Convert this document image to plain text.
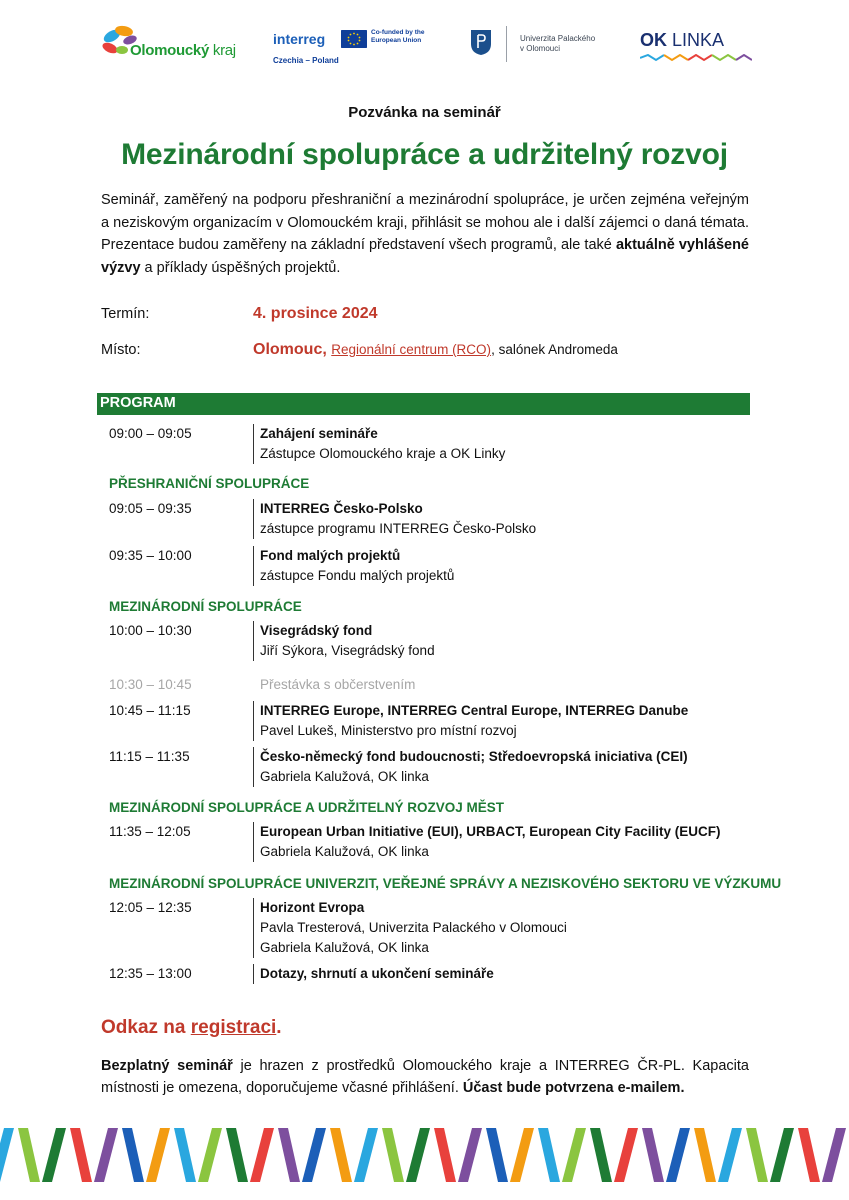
Olomoucký kraj
interreg	Co-funded by the European Union
Czechia – Poland
Univerzita Palackého
v Olomouci	OK LINKA
Pozvánka na seminář
Mezinárodní spolupráce a udržitelný rozvoj
Seminář, zaměřený na podporu přeshraniční a mezinárodní spolupráce, je určen zejména veřejným a neziskovým organizacím v Olomouckém kraji, přihlásit se mohou ale i další zájemci o daná témata. Prezentace budou zaměřeny na základní představení všech programů, ale také aktuálně vyhlášené výzvy a příklady úspěšných projektů.
Termín:	4. prosince 2024
Místo:	Olomouc, Regionální centrum (RCO), salónek Andromeda
PROGRAM
09:00 – 09:05	Zahájení semináře
Zástupce Olomouckého kraje a OK Linky
PŘESHRANIČNÍ SPOLUPRÁCE
09:05 – 09:35	INTERREG Česko-Polsko
zástupce programu INTERREG Česko-Polsko
09:35 – 10:00	Fond malých projektů
zástupce Fondu malých projektů
MEZINÁRODNÍ SPOLUPRÁCE
10:00 – 10:30	Visegrádský fond
Jiří Sýkora, Visegrádský fond
10:30 – 10:45	Přestávka s občerstvením
10:45 – 11:15	INTERREG Europe, INTERREG Central Europe, INTERREG Danube
Pavel Lukeš, Ministerstvo pro místní rozvoj
11:15 – 11:35	Česko-německý fond budoucnosti; Středoevropská iniciativa (CEI)
Gabriela Kalužová, OK linka
MEZINÁRODNÍ SPOLUPRÁCE A UDRŽITELNÝ ROZVOJ MĚST
11:35 – 12:05	European Urban Initiative (EUI), URBACT, European City Facility (EUCF)
Gabriela Kalužová, OK linka
MEZINÁRODNÍ SPOLUPRÁCE UNIVERZIT, VEŘEJNÉ SPRÁVY A NEZISKOVÉHO SEKTORU VE VÝZKUMU
12:05 – 12:35	Horizont Evropa
Pavla Tresterová, Univerzita Palackého v Olomouci
Gabriela Kalužová, OK linka
12:35 – 13:00	Dotazy, shrnutí a ukončení semináře
Odkaz na registraci.
Bezplatný seminář je hrazen z prostředků Olomouckého kraje a INTERREG ČR-PL. Kapacita místnosti je omezena, doporučujeme včasné přihlášení. Účast bude potvrzena e-mailem.
